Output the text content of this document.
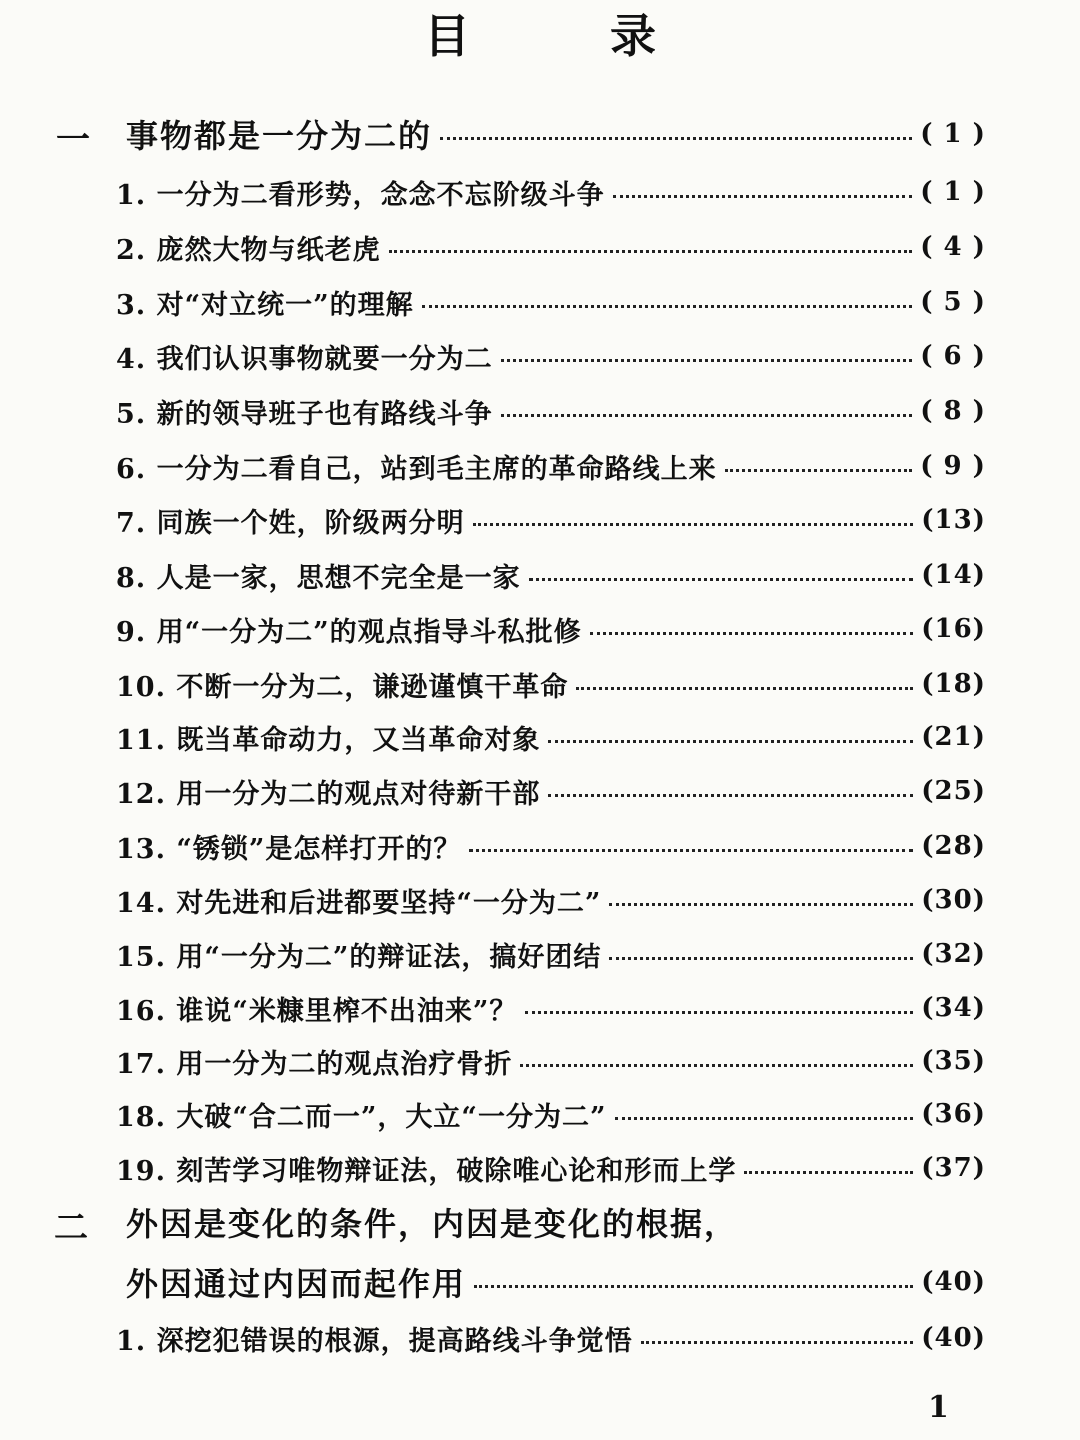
目 录
一 事物都是一分为二的	( 1 )
1. 一分为二看形势，念念不忘阶级斗争	( 1 )
2. 庞然大物与纸老虎	( 4 )
3. 对“对立统一”的理解	( 5 )
4. 我们认识事物就要一分为二	( 6 )
5. 新的领导班子也有路线斗争	( 8 )
6. 一分为二看自己，站到毛主席的革命路线上来	( 9 )
7. 同族一个姓，阶级两分明	(13)
8. 人是一家，思想不完全是一家	(14)
9. 用“一分为二”的观点指导斗私批修	(16)
10. 不断一分为二，谦逊谨慎干革命	(18)
11. 既当革命动力，又当革命对象	(21)
12. 用一分为二的观点对待新干部	(25)
13. “锈锁”是怎样打开的？	(28)
14. 对先进和后进都要坚持“一分为二”	(30)
15. 用“一分为二”的辩证法，搞好团结	(32)
16. 谁说“米糠里榨不出油来”？	(34)
17. 用一分为二的观点治疗骨折	(35)
18. 大破“合二而一”，大立“一分为二”	(36)
19. 刻苦学习唯物辩证法，破除唯心论和形而上学	(37)
二 外因是变化的条件，内因是变化的根据，
外因通过内因而起作用	(40)
1. 深挖犯错误的根源，提高路线斗争觉悟	(40)
1
